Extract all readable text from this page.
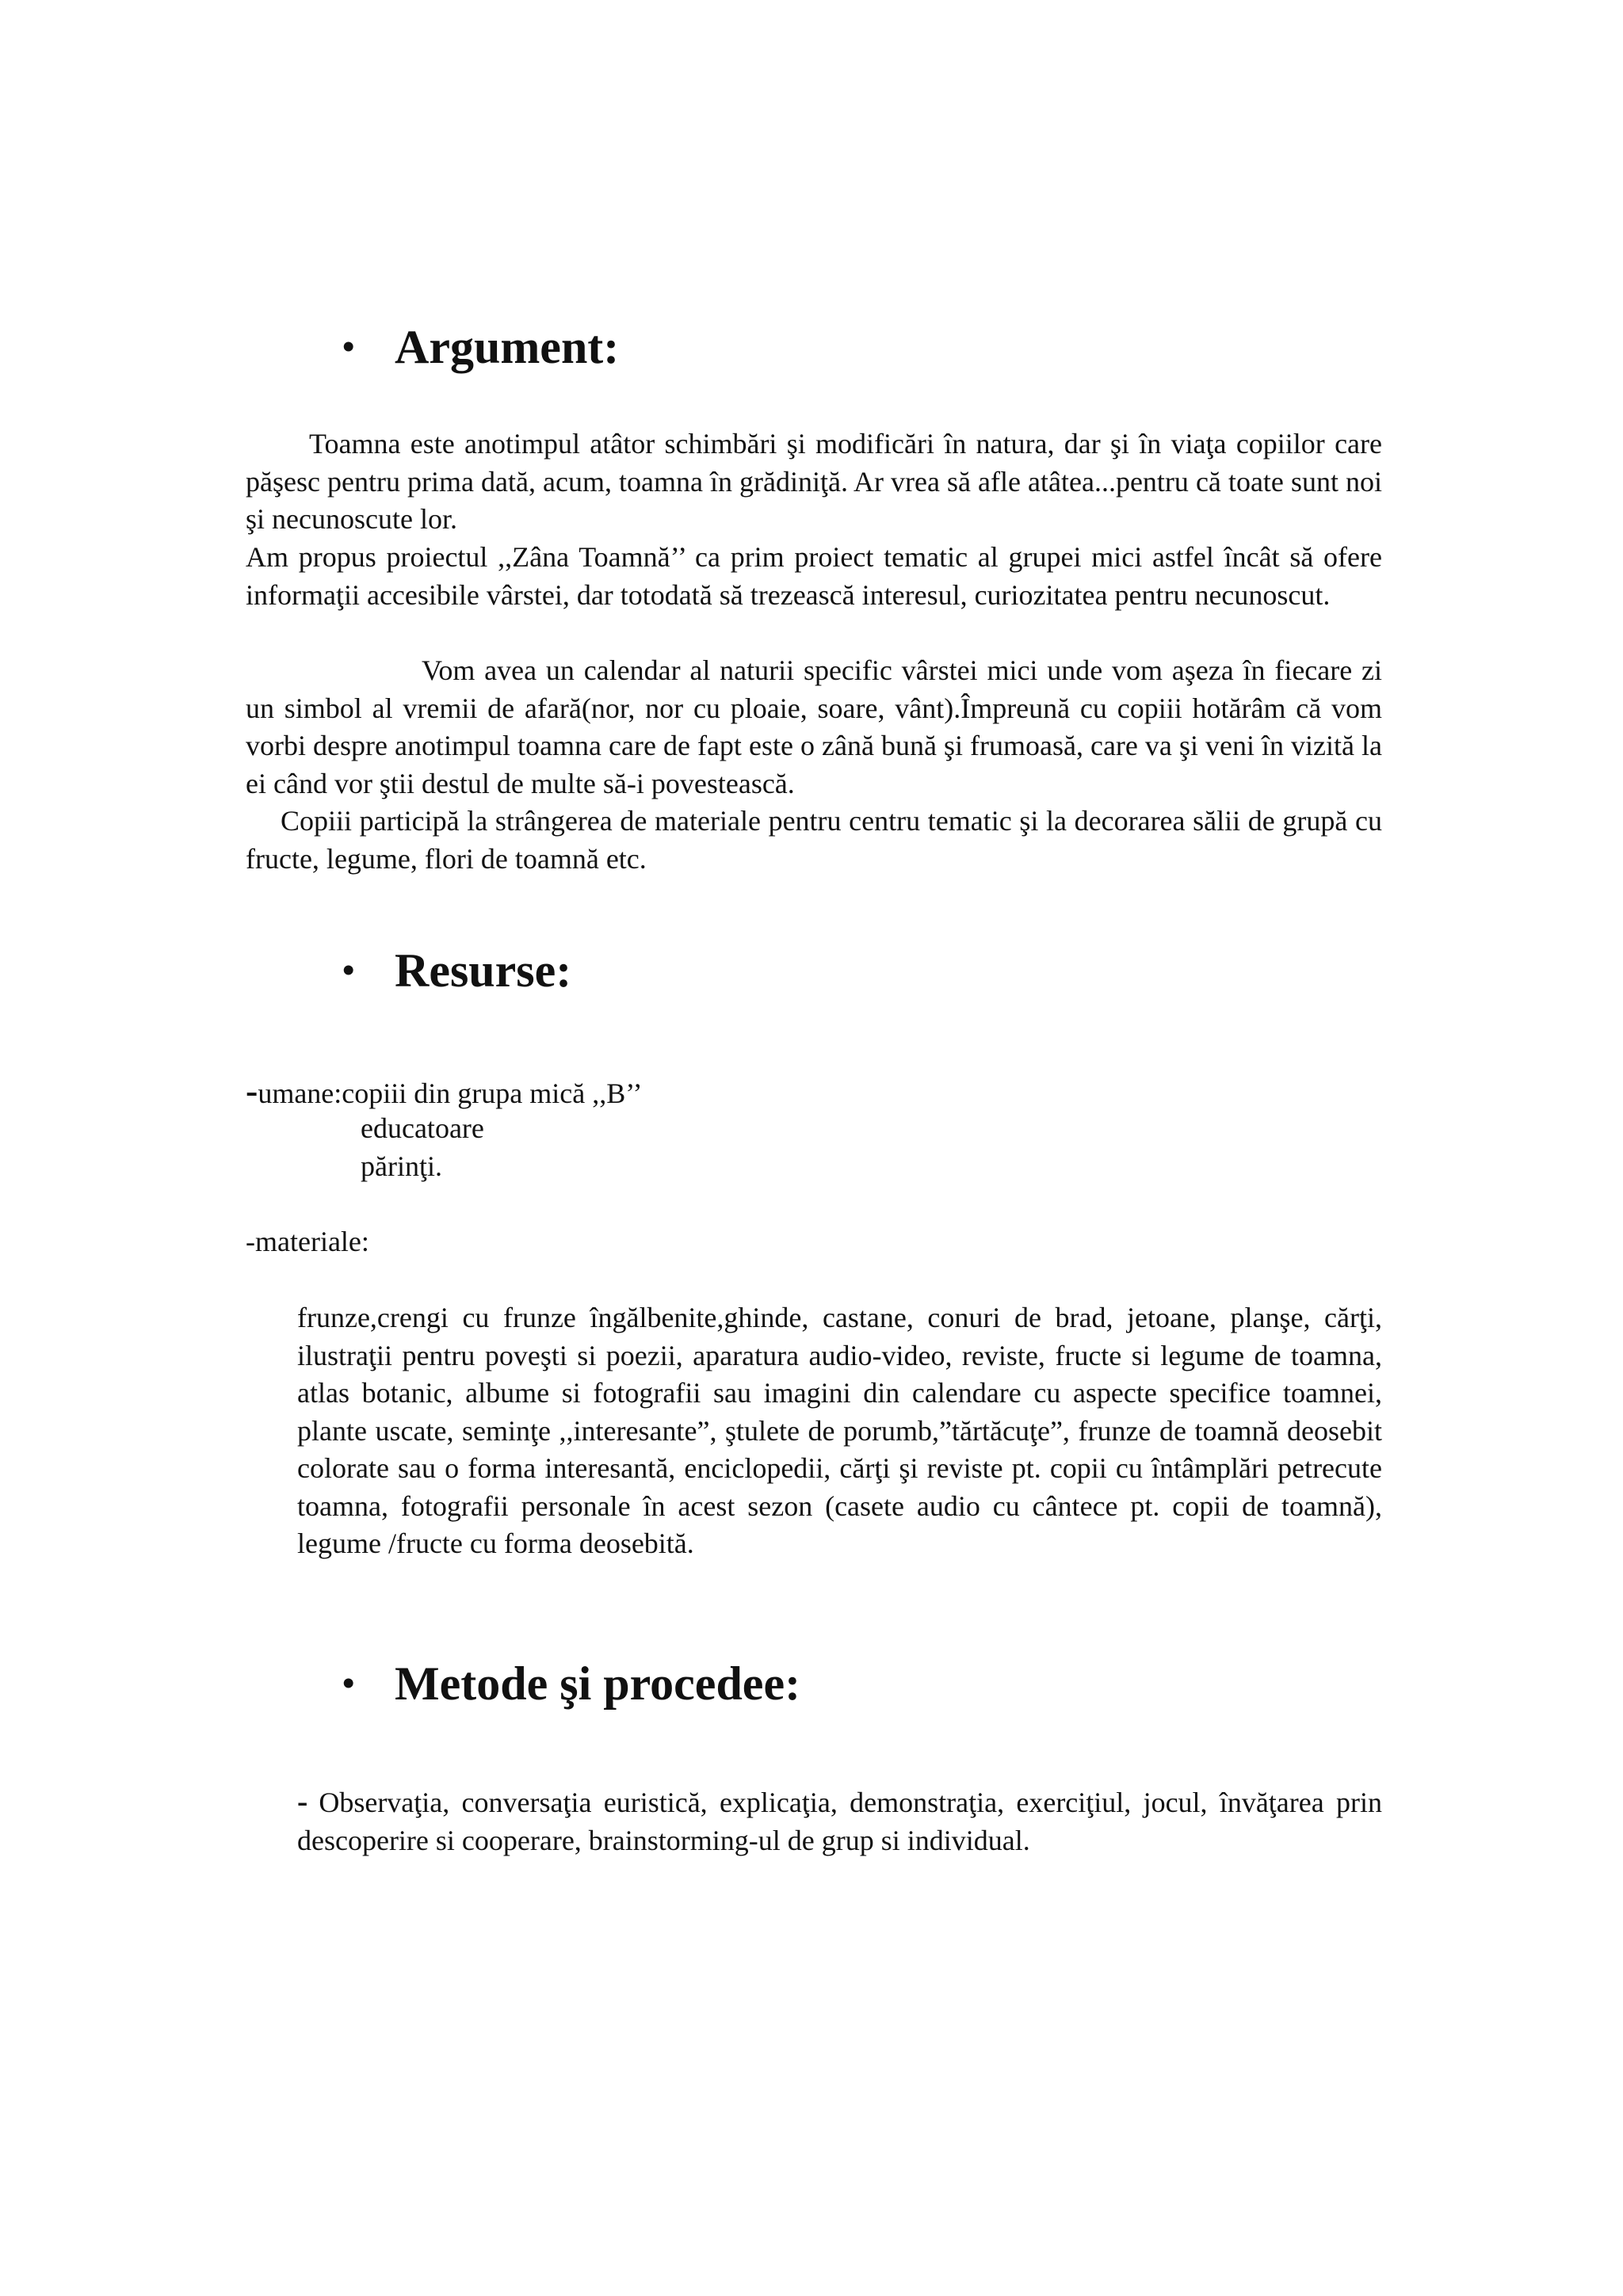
• Argument:

Toamna este anotimpul atâtor schimbări şi modificări în natura, dar şi în viaţa copiilor care păşesc pentru prima dată, acum, toamna în grădiniţă. Ar vrea să afle atâtea...pentru că toate sunt noi şi necunoscute lor.

Am propus proiectul ,,Zâna Toamnă’’ ca prim proiect tematic al grupei mici astfel încât să ofere informaţii accesibile vârstei, dar totodată să trezească interesul, curiozitatea pentru necunoscut.

Vom avea un calendar al naturii specific vârstei mici unde vom aşeza în fiecare zi un simbol al vremii de afară(nor, nor cu ploaie, soare, vânt).Împreună cu copiii hotărâm că vom vorbi despre anotimpul toamna care de fapt este o zână bună şi frumoasă, care va şi veni în vizită la ei când vor ştii destul de multe să-i povestească.

Copiii participă la strângerea de materiale pentru centru tematic şi la decorarea sălii de grupă cu fructe, legume, flori de toamnă etc.

• Resurse:
-umane:copiii din grupa mică ,,B’’
educatoare
părinţi.
-materiale:

frunze,crengi cu frunze îngălbenite,ghinde, castane, conuri de brad, jetoane, planşe, cărţi, ilustraţii pentru poveşti si poezii, aparatura audio-video, reviste, fructe si legume de toamna, atlas botanic, albume si fotografii sau imagini din calendare cu aspecte specifice toamnei, plante uscate, seminţe ,,interesante”, ştulete de porumb,”tărtăcuţe”, frunze de toamnă deosebit colorate sau o forma interesantă, enciclopedii, cărţi şi reviste pt. copii cu întâmplări petrecute toamna, fotografii personale în acest sezon (casete audio cu cântece pt. copii de toamnă), legume /fructe cu forma deosebită.

• Metode şi procedee:

- Observaţia, conversaţia euristică, explicaţia, demonstraţia, exerciţiul, jocul, învăţarea prin descoperire si cooperare, brainstorming-ul de grup si individual.
